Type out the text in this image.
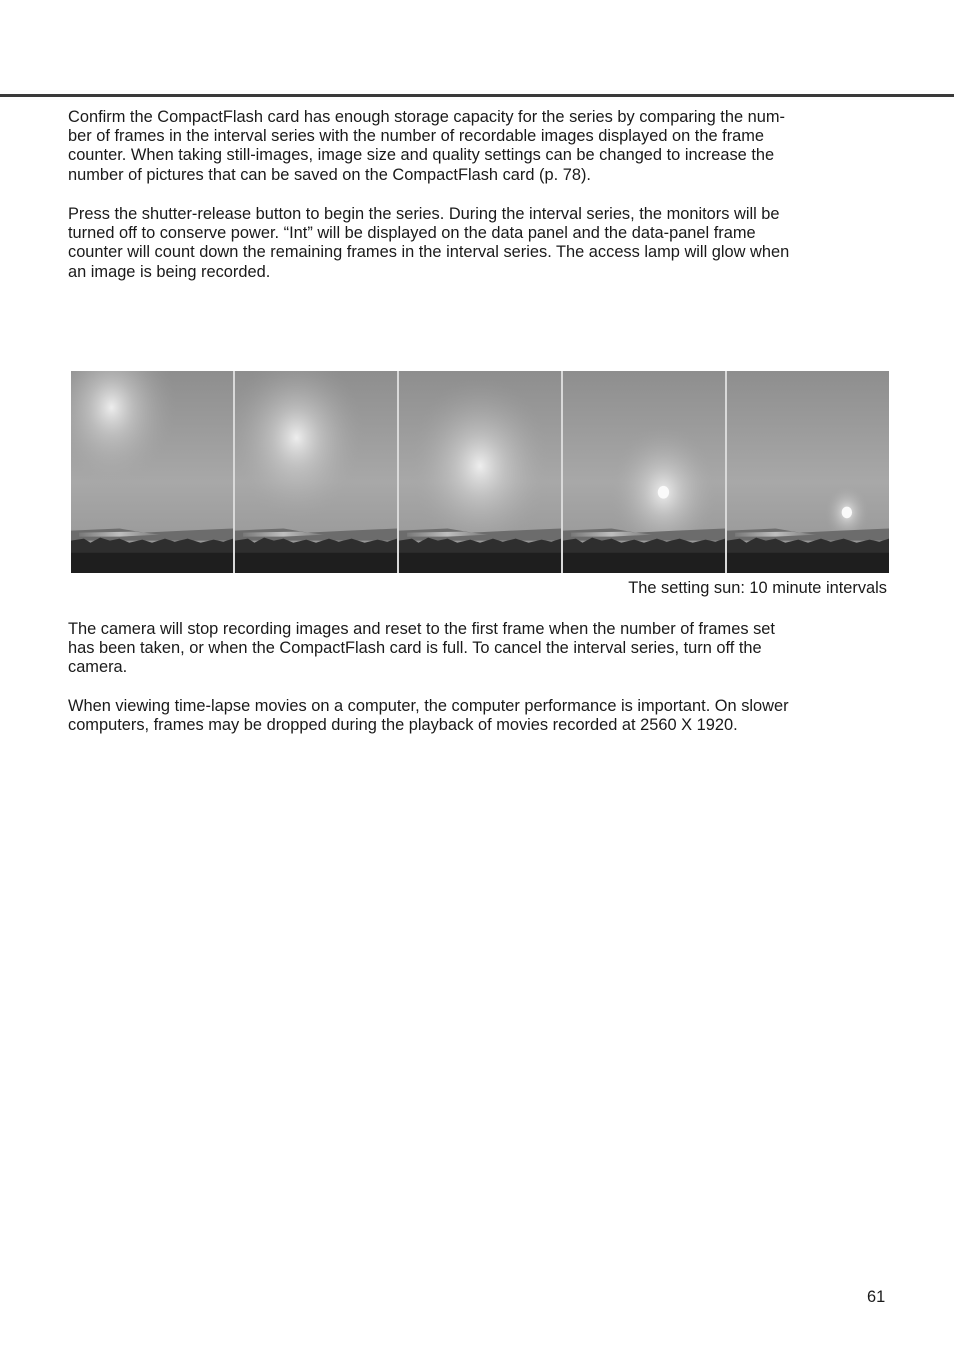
Confirm the CompactFlash card has enough storage capacity for the series by comparing the num-
ber of frames in the interval series with the number of recordable images displayed on the frame
counter. When taking still-images, image size and quality settings can be changed to increase the
number of pictures that can be saved on the CompactFlash card (p. 78).

Press the shutter-release button to begin the series. During the interval series, the monitors will be
turned off to conserve power. “Int” will be displayed on the data panel and the data-panel frame
counter will count down the remaining frames in the interval series. The access lamp will glow when
an image is being recorded.

The setting sun: 10 minute intervals

The camera will stop recording images and reset to the first frame when the number of frames set
has been taken, or when the CompactFlash card is full. To cancel the interval series, turn off the
camera.

When viewing time-lapse movies on a computer, the computer performance is important. On slower
computers, frames may be dropped during the playback of movies recorded at 2560 X 1920.

61
